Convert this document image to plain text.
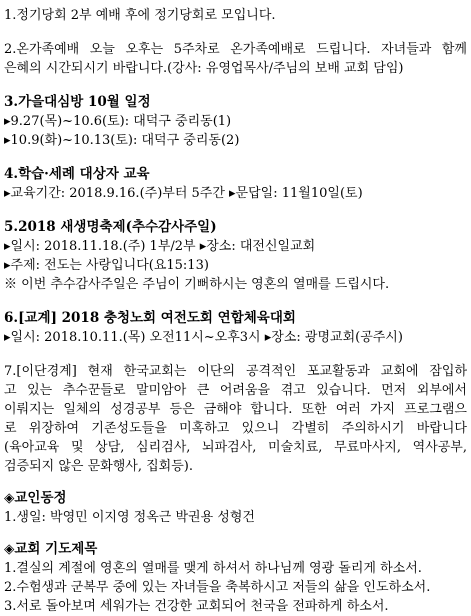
1.정기당회 2부 예배 후에 정기당회로 모입니다.
2.온가족예배 오늘 오후는 5주차로 온가족예배로 드립니다. 자녀들과 함께
은혜의 시간되시기 바랍니다.(강사: 유영업목사/주님의 보배 교회 담임)
3.가을대심방 10월 일정
▸9.27(목)~10.6(토): 대덕구 중리동(1)
▸10.9(화)~10.13(토): 대덕구 중리동(2)
4.학습·세례 대상자 교육
▸교육기간: 2018.9.16.(주)부터 5주간 ▸문답일: 11월10일(토)
5.2018 새생명축제(추수감사주일)
▸일시: 2018.11.18.(주) 1부/2부 ▸장소: 대전신일교회
▸주제: 전도는 사랑입니다(요15:13)
※ 이번 추수감사주일은 주님이 기뻐하시는 영혼의 열매를 드립시다.
6.[교계] 2018 충청노회 여전도회 연합체육대회
▸일시: 2018.10.11.(목) 오전11시~오후3시 ▸장소: 광명교회(공주시)
7.[이단경계] 현재 한국교회는 이단의 공격적인 포교활동과 교회에 잠입하
고 있는 추수꾼들로 말미암아 큰 어려움을 겪고 있습니다. 먼저 외부에서
이뤄지는 일체의 성경공부 등은 금해야 합니다. 또한 여러 가지 프로그램으
로 위장하여 기존성도들을 미혹하고 있으니 각별히 주의하시기 바랍니다
(육아교육 및 상담, 심리검사, 뇌파검사, 미술치료, 무료마사지, 역사공부,
검증되지 않은 문화행사, 집회등).
◈교인동정
1.생일: 박영민 이지영 정옥근 박권용 성형건
◈교회 기도제목
1.결실의 계절에 영혼의 열매를 맺게 하셔서 하나님께 영광 돌리게 하소서.
2.수험생과 군복무 중에 있는 자녀들을 축복하시고 저들의 삶을 인도하소서.
3.서로 돌아보며 세워가는 건강한 교회되어 천국을 전파하게 하소서.
